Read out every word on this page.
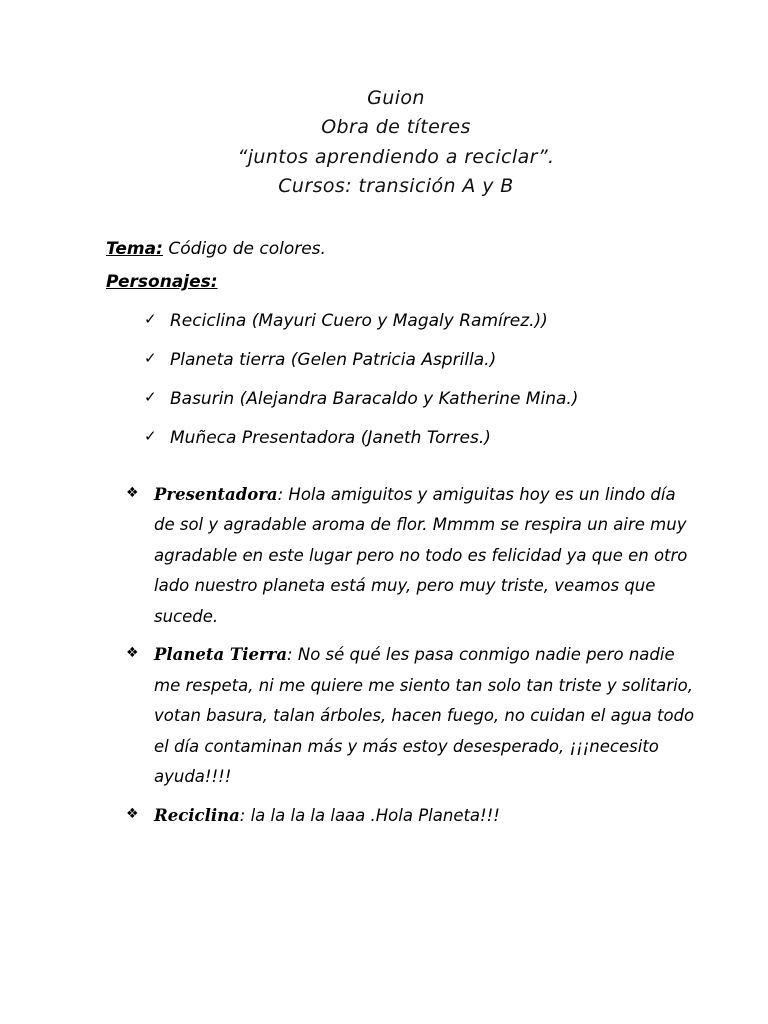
Guion
Obra de títeres
“juntos aprendiendo a reciclar”.
Cursos: transición A y B
Tema: Código de colores.
Personajes:
✓ Reciclina (Mayuri Cuero y Magaly Ramírez.))
✓ Planeta tierra (Gelen Patricia Asprilla.)
✓ Basurin (Alejandra Baracaldo y Katherine Mina.)
✓ Muñeca Presentadora (Janeth Torres.)
❖ Presentadora: Hola amiguitos y amiguitas hoy es un lindo día de sol y agradable aroma de flor. Mmmm se respira un aire muy agradable en este lugar pero no todo es felicidad ya que en otro lado nuestro planeta está muy, pero muy triste, veamos que sucede.
❖ Planeta Tierra: No sé qué les pasa conmigo nadie pero nadie me respeta, ni me quiere me siento tan solo tan triste y solitario, votan basura, talan árboles, hacen fuego, no cuidan el agua todo el día contaminan más y más estoy desesperado, ¡¡¡necesito ayuda!!!!
❖ Reciclina: la la la la laaa .Hola Planeta!!!
